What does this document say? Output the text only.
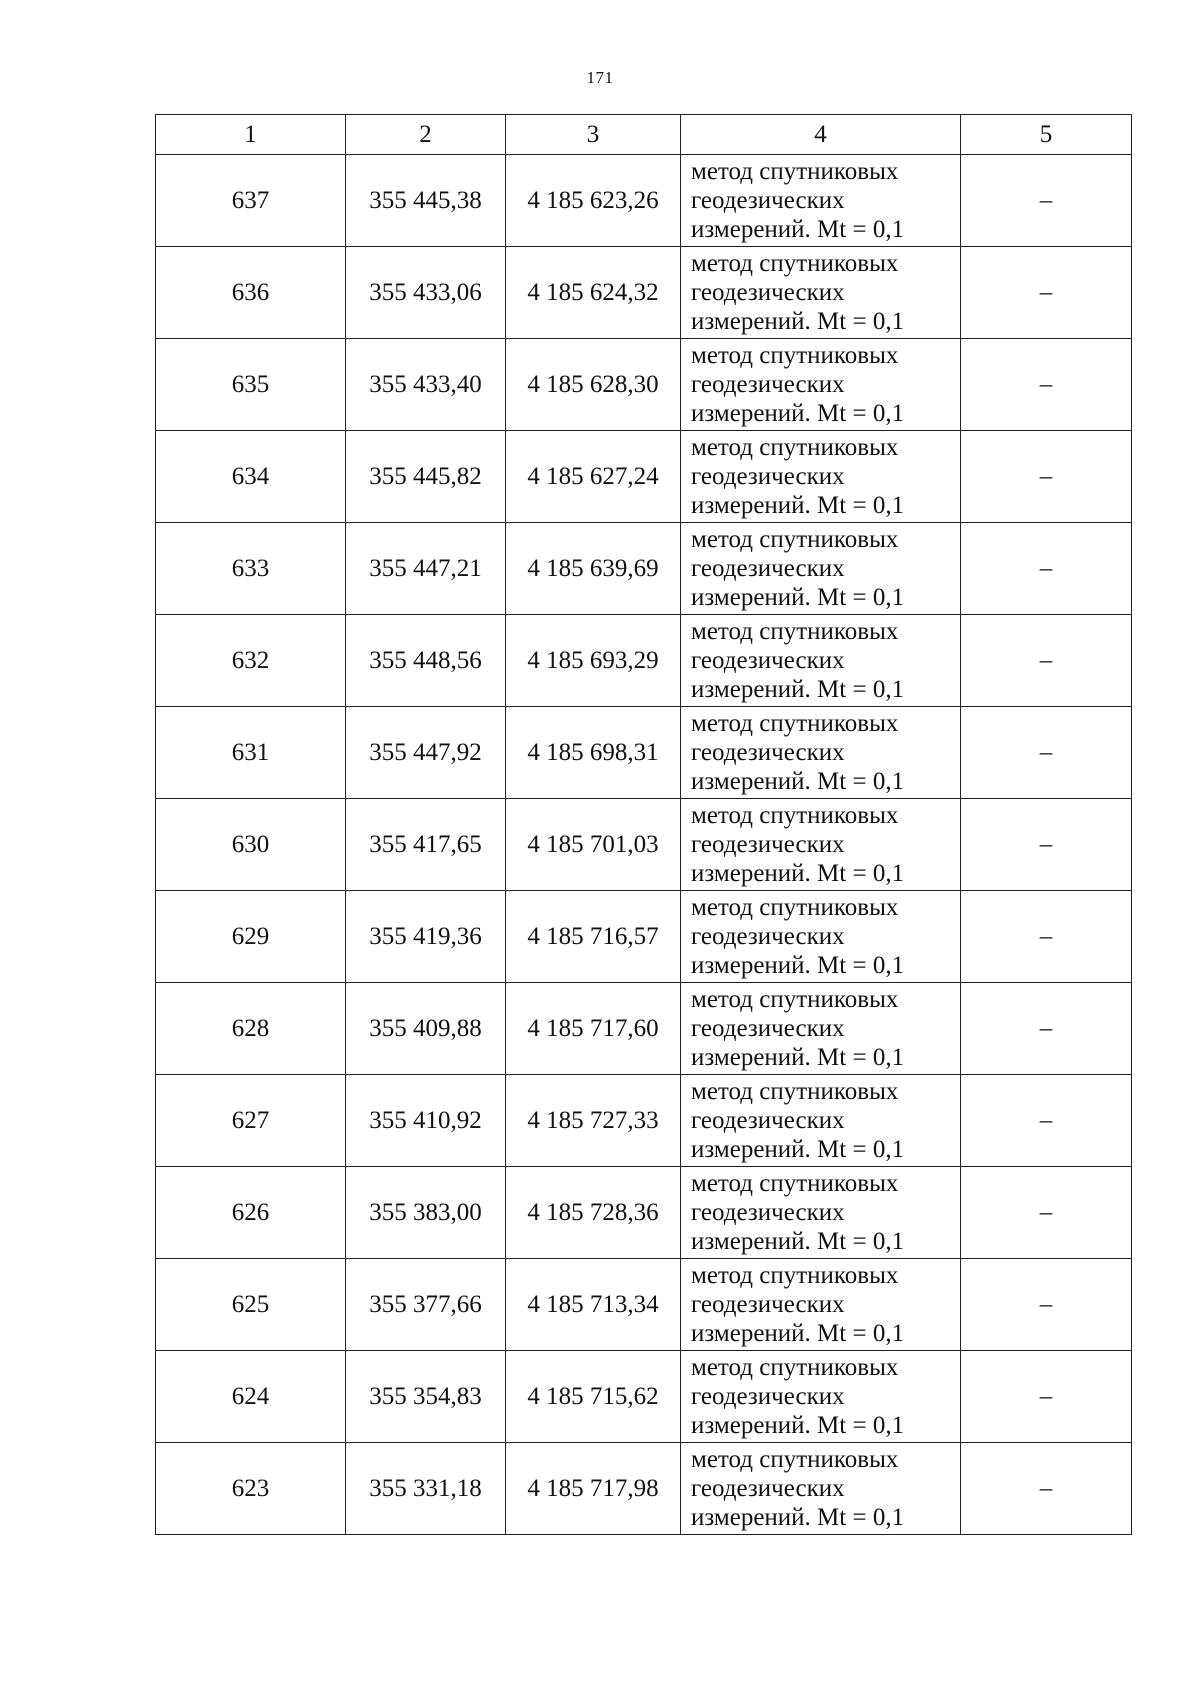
171
1	2	3	4	5
637	355 445,38	4 185 623,26	метод спутниковых
геодезических
измерений. Mt = 0,1	–
636	355 433,06	4 185 624,32	метод спутниковых
геодезических
измерений. Mt = 0,1	–
635	355 433,40	4 185 628,30	метод спутниковых
геодезических
измерений. Mt = 0,1	–
634	355 445,82	4 185 627,24	метод спутниковых
геодезических
измерений. Mt = 0,1	–
633	355 447,21	4 185 639,69	метод спутниковых
геодезических
измерений. Mt = 0,1	–
632	355 448,56	4 185 693,29	метод спутниковых
геодезических
измерений. Mt = 0,1	–
631	355 447,92	4 185 698,31	метод спутниковых
геодезических
измерений. Mt = 0,1	–
630	355 417,65	4 185 701,03	метод спутниковых
геодезических
измерений. Mt = 0,1	–
629	355 419,36	4 185 716,57	метод спутниковых
геодезических
измерений. Mt = 0,1	–
628	355 409,88	4 185 717,60	метод спутниковых
геодезических
измерений. Mt = 0,1	–
627	355 410,92	4 185 727,33	метод спутниковых
геодезических
измерений. Mt = 0,1	–
626	355 383,00	4 185 728,36	метод спутниковых
геодезических
измерений. Mt = 0,1	–
625	355 377,66	4 185 713,34	метод спутниковых
геодезических
измерений. Mt = 0,1	–
624	355 354,83	4 185 715,62	метод спутниковых
геодезических
измерений. Mt = 0,1	–
623	355 331,18	4 185 717,98	метод спутниковых
геодезических
измерений. Mt = 0,1	–
